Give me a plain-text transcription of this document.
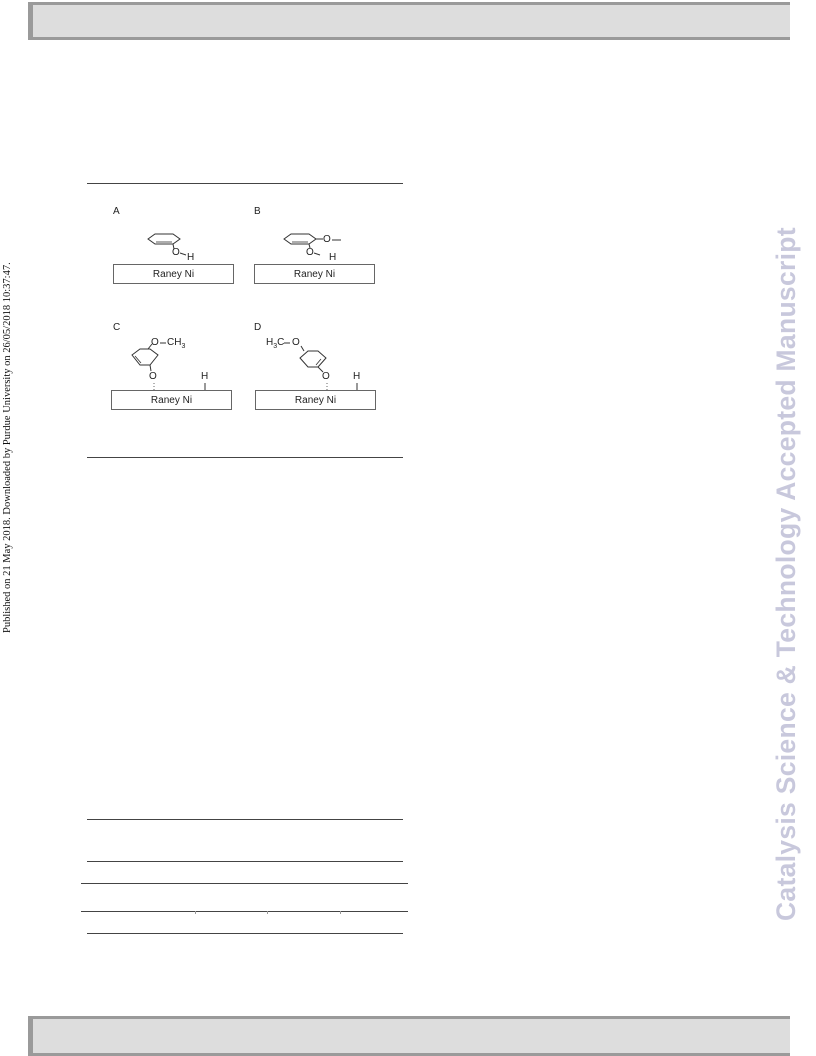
Published on 21 May 2018. Downloaded by Purdue University on 26/05/2018 10:37:47.	Catalysis Science & Technology Accepted Manuscript
A
O H
Raney Ni
B
O
O H
Raney Ni
C
O $CH_3$
O	H
Raney Ni
D
$H_3C$ O
O H
Raney Ni
